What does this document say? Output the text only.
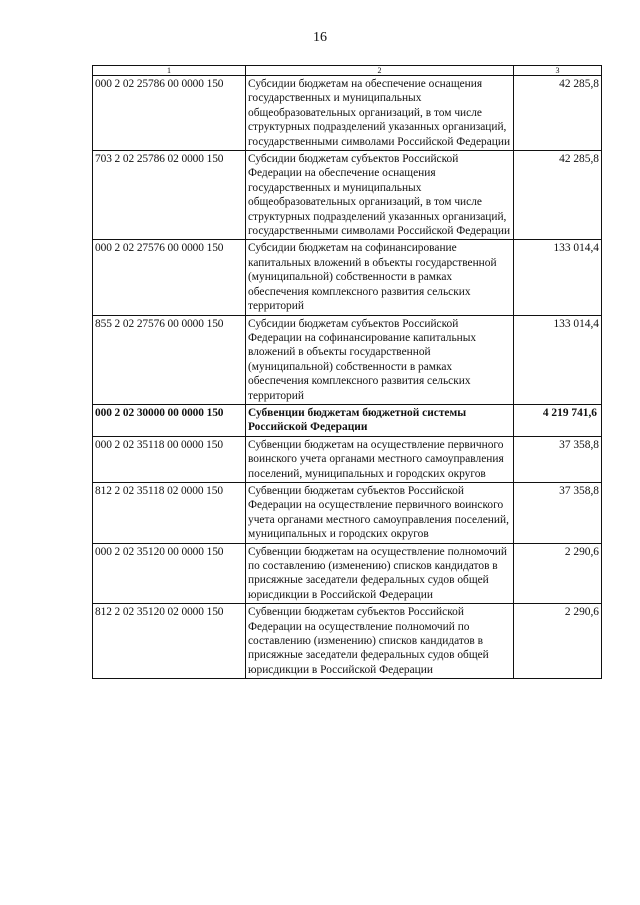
16
1	2	3
000 2 02 25786 00 0000 150	Субсидии бюджетам на обеспечение оснащения государственных и муниципальных общеобразовательных организаций, в том числе структурных подразделений указанных организаций, государственными символами Российской Федерации	42 285,8
703 2 02 25786 02 0000 150	Субсидии бюджетам субъектов Российской Федерации на обеспечение оснащения государственных и муниципальных общеобразовательных организаций, в том числе структурных подразделений указанных организаций, государственными символами Российской Федерации	42 285,8
000 2 02 27576 00 0000 150	Субсидии бюджетам на софинансирование капитальных вложений в объекты государственной (муниципальной) собственности в рамках обеспечения комплексного развития сельских территорий	133 014,4
855 2 02 27576 00 0000 150	Субсидии бюджетам субъектов Российской Федерации на софинансирование капитальных вложений в объекты государственной (муниципальной) собственности в рамках обеспечения комплексного развития сельских территорий	133 014,4
000 2 02 30000 00 0000 150	Субвенции бюджетам бюджетной системы Российской Федерации	4 219 741,6
000 2 02 35118 00 0000 150	Субвенции бюджетам на осуществление первичного воинского учета органами местного самоуправления поселений, муниципальных и городских округов	37 358,8
812 2 02 35118 02 0000 150	Субвенции бюджетам субъектов Российской Федерации на осуществление первичного воинского учета органами местного самоуправления поселений, муниципальных и городских округов	37 358,8
000 2 02 35120 00 0000 150	Субвенции бюджетам на осуществление полномочий по составлению (изменению) списков кандидатов в присяжные заседатели федеральных судов общей юрисдикции в Российской Федерации	2 290,6
812 2 02 35120 02 0000 150	Субвенции бюджетам субъектов Российской Федерации на осуществление полномочий по составлению (изменению) списков кандидатов в присяжные заседатели федеральных судов общей юрисдикции в Российской Федерации	2 290,6
